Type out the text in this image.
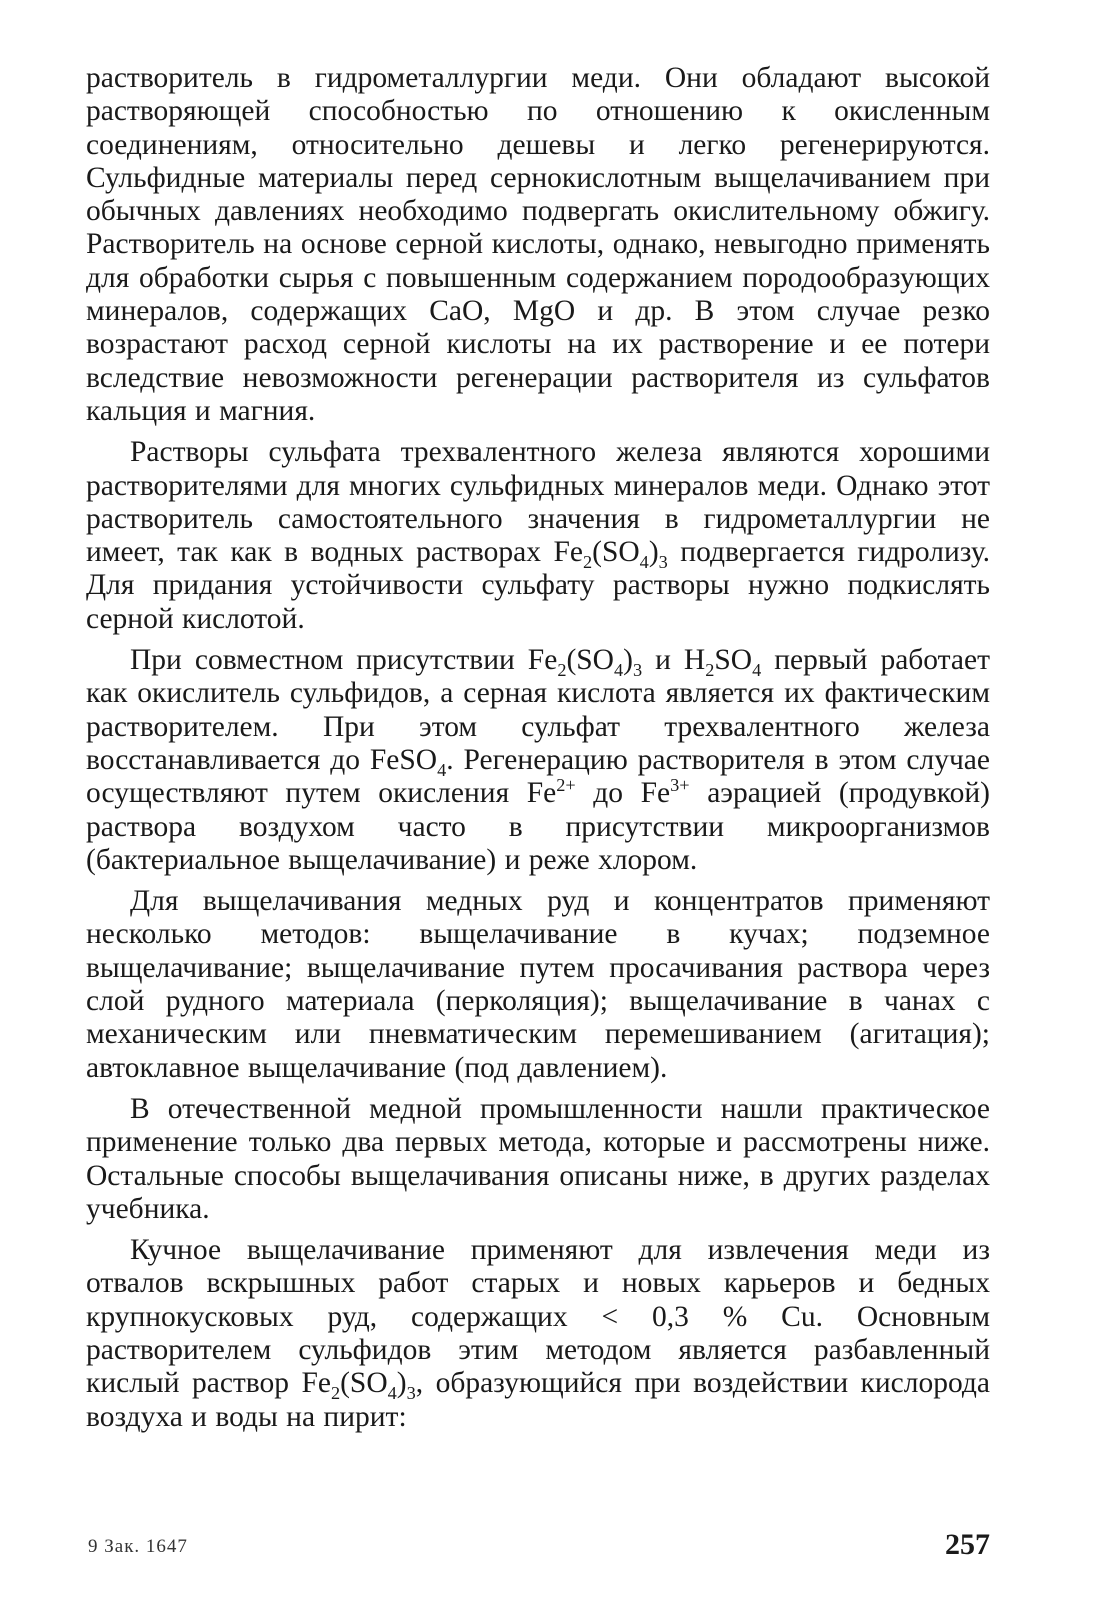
растворитель в гидрометаллургии меди. Они обладают высокой растворяющей способностью по отношению к окисленным соединениям, относительно дешевы и легко регенерируются. Сульфидные материалы перед сернокислотным выщелачиванием при обычных давлениях необходимо подвергать окислительному обжигу. Растворитель на основе серной кислоты, однако, невыгодно применять для обработки сырья с повышенным содержанием породообразующих минералов, содержащих CaO, MgO и др. В этом случае резко возрастают расход серной кислоты на их растворение и ее потери вследствие невозможности регенерации растворителя из сульфатов кальция и магния.

Растворы сульфата трехвалентного железа являются хорошими растворителями для многих сульфидных минералов меди. Однако этот растворитель самостоятельного значения в гидрометаллургии не имеет, так как в водных растворах $Fe_2(SO_4)_3$ подвергается гидролизу. Для придания устойчивости сульфату растворы нужно подкислять серной кислотой.

При совместном присутствии $Fe_2(SO_4)_3$ и $H_2SO_4$ первый работает как окислитель сульфидов, а серная кислота является их фактическим растворителем. При этом сульфат трехвалентного железа восстанавливается до FeSO$_4$. Регенерацию растворителя в этом случае осуществляют путем окисления $Fe^{2+}$ до $Fe^{3+}$ аэрацией (продувкой) раствора воздухом часто в присутствии микроорганизмов (бактериальное выщелачивание) и реже хлором.

Для выщелачивания медных руд и концентратов применяют несколько методов: выщелачивание в кучах; подземное выщелачивание; выщелачивание путем просачивания раствора через слой рудного материала (перколяция); выщелачивание в чанах с механическим или пневматическим перемешиванием (агитация); автоклавное выщелачивание (под давлением).

В отечественной медной промышленности нашли практическое применение только два первых метода, которые и рассмотрены ниже. Остальные способы выщелачивания описаны ниже, в других разделах учебника.

Кучное выщелачивание применяют для извлечения меди из отвалов вскрышных работ старых и новых карьеров и бедных крупнокусковых руд, содержащих < 0,3 % Cu. Основным растворителем сульфидов этим методом является разбавленный кислый раствор $Fe_2(SO_4)_3$, образующийся при воздействии кислорода воздуха и воды на пирит:

9 Зак. 1647	257
